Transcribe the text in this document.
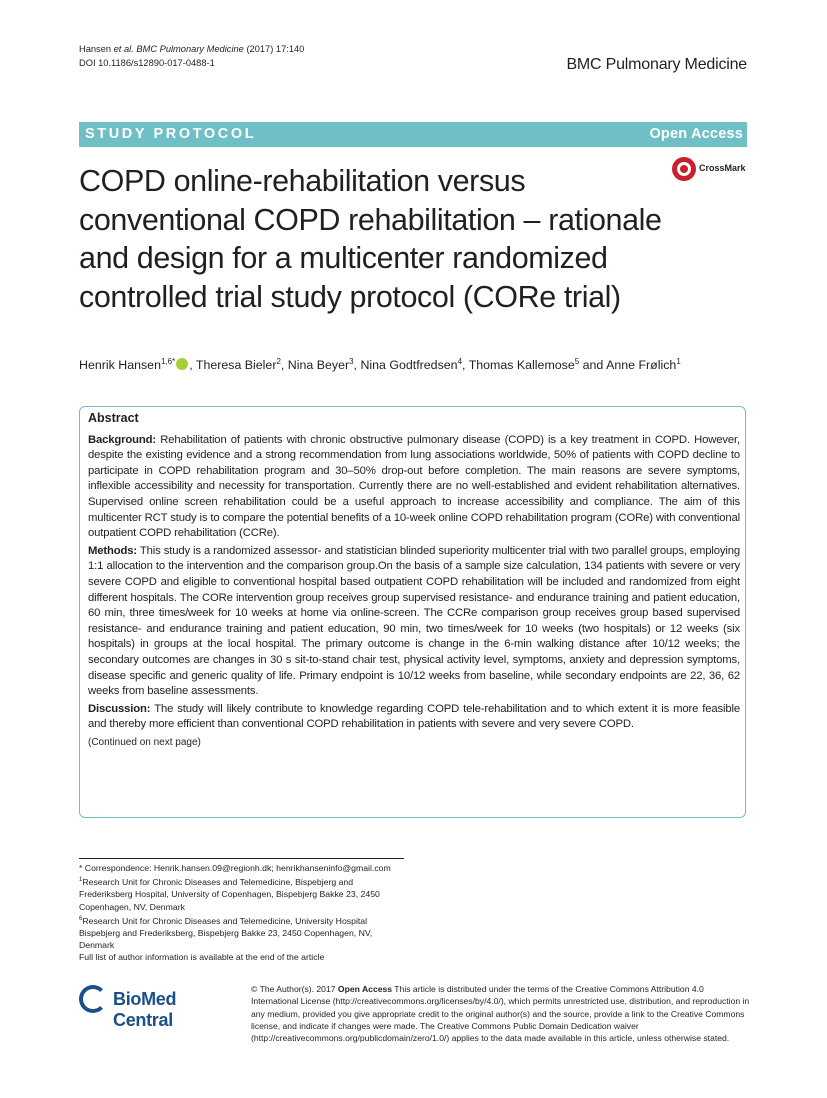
Hansen et al. BMC Pulmonary Medicine (2017) 17:140
DOI 10.1186/s12890-017-0488-1	BMC Pulmonary Medicine
STUDY PROTOCOL	Open Access
CrossMark
COPD online-rehabilitation versus conventional COPD rehabilitation – rationale and design for a multicenter randomized controlled trial study protocol (CORe trial)
Henrik Hansen$^{1,6*}$ , Theresa Bieler$^2$, Nina Beyer$^3$, Nina Godtfredsen$^4$, Thomas Kallemose$^5$ and Anne Frølich$^1$
Abstract

Background: Rehabilitation of patients with chronic obstructive pulmonary disease (COPD) is a key treatment in COPD. However, despite the existing evidence and a strong recommendation from lung associations worldwide, 50% of patients with COPD decline to participate in COPD rehabilitation program and 30–50% drop-out before completion. The main reasons are severe symptoms, inflexible accessibility and necessity for transportation. Currently there are no well-established and evident rehabilitation alternatives. Supervised online screen rehabilitation could be a useful approach to increase accessibility and compliance. The aim of this multicenter RCT study is to compare the potential benefits of a 10-week online COPD rehabilitation program (CORe) with conventional outpatient COPD rehabilitation (CCRe).

Methods: This study is a randomized assessor- and statistician blinded superiority multicenter trial with two parallel groups, employing 1:1 allocation to the intervention and the comparison group.On the basis of a sample size calculation, 134 patients with severe or very severe COPD and eligible to conventional hospital based outpatient COPD rehabilitation will be included and randomized from eight different hospitals. The CORe intervention group receives group supervised resistance- and endurance training and patient education, 60 min, three times/week for 10 weeks at home via online-screen. The CCRe comparison group receives group based supervised resistance- and endurance training and patient education, 90 min, two times/week for 10 weeks (two hospitals) or 12 weeks (six hospitals) in groups at the local hospital. The primary outcome is change in the 6-min walking distance after 10/12 weeks; the secondary outcomes are changes in 30 s sit-to-stand chair test, physical activity level, symptoms, anxiety and depression symptoms, disease specific and generic quality of life. Primary endpoint is 10/12 weeks from baseline, while secondary endpoints are 22, 36, 62 weeks from baseline assessments.

Discussion: The study will likely contribute to knowledge regarding COPD tele-rehabilitation and to which extent it is more feasible and thereby more efficient than conventional COPD rehabilitation in patients with severe and very severe COPD.

(Continued on next page)
* Correspondence: Henrik.hansen.09@regionh.dk; henrikhanseninfo@gmail.com
$^1$Research Unit for Chronic Diseases and Telemedicine, Bispebjerg and Frederiksberg Hospital, University of Copenhagen, Bispebjerg Bakke 23, 2450 Copenhagen, NV, Denmark
$^6$Research Unit for Chronic Diseases and Telemedicine, University Hospital Bispebjerg and Frederiksberg, Bispebjerg Bakke 23, 2450 Copenhagen, NV, Denmark
Full list of author information is available at the end of the article
BioMed Central
© The Author(s). 2017 Open Access This article is distributed under the terms of the Creative Commons Attribution 4.0 International License (http://creativecommons.org/licenses/by/4.0/), which permits unrestricted use, distribution, and reproduction in any medium, provided you give appropriate credit to the original author(s) and the source, provide a link to the Creative Commons license, and indicate if changes were made. The Creative Commons Public Domain Dedication waiver (http://creativecommons.org/publicdomain/zero/1.0/) applies to the data made available in this article, unless otherwise stated.
